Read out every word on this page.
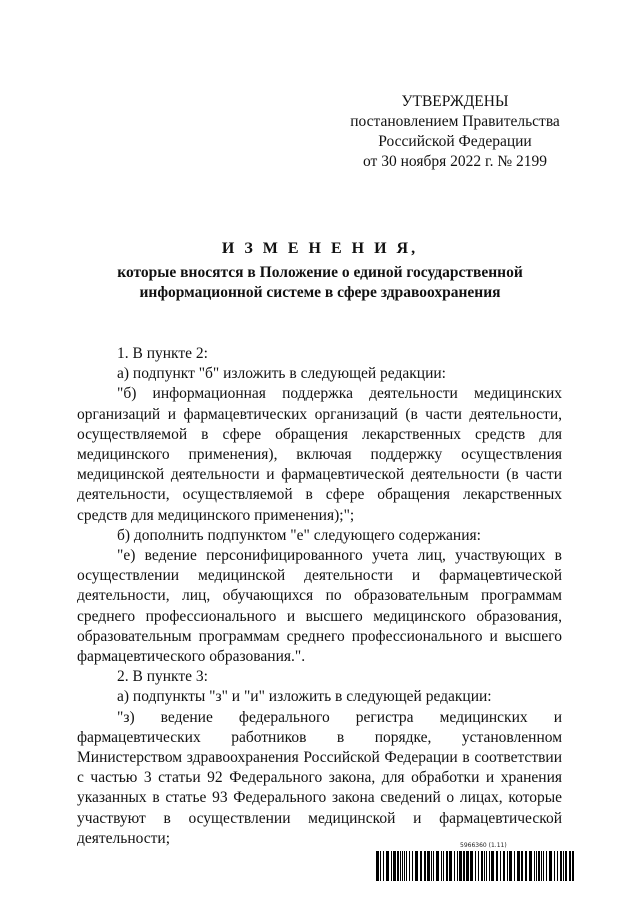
УТВЕРЖДЕНЫ
постановлением Правительства
Российской Федерации
от 30 ноября 2022 г. № 2199
И З М Е Н Е Н И Я,
которые вносятся в Положение о единой государственной информационной системе в сфере здравоохранения

1. В пункте 2:

а) подпункт "б" изложить в следующей редакции:

"б) информационная поддержка деятельности медицинских организаций и фармацевтических организаций (в части деятельности, осуществляемой в сфере обращения лекарственных средств для медицинского применения), включая поддержку осуществления медицинской деятельности и фармацевтической деятельности (в части деятельности, осуществляемой в сфере обращения лекарственных средств для медицинского применения);";

б) дополнить подпунктом "е" следующего содержания:

"е) ведение персонифицированного учета лиц, участвующих в осуществлении медицинской деятельности и фармацевтической деятельности, лиц, обучающихся по образовательным программам среднего профессионального и высшего медицинского образования, образовательным программам среднего профессионального и высшего фармацевтического образования.".

2. В пункте 3:

а) подпункты "з" и "и" изложить в следующей редакции:

"з) ведение федерального регистра медицинских и фармацевтических работников в порядке, установленном Министерством здравоохранения Российской Федерации в соответствии с частью 3 статьи 92 Федерального закона, для обработки и хранения указанных в статье 93 Федерального закона сведений о лицах, которые участвуют в осуществлении медицинской и фармацевтической деятельности;	5966360 (1.11)
